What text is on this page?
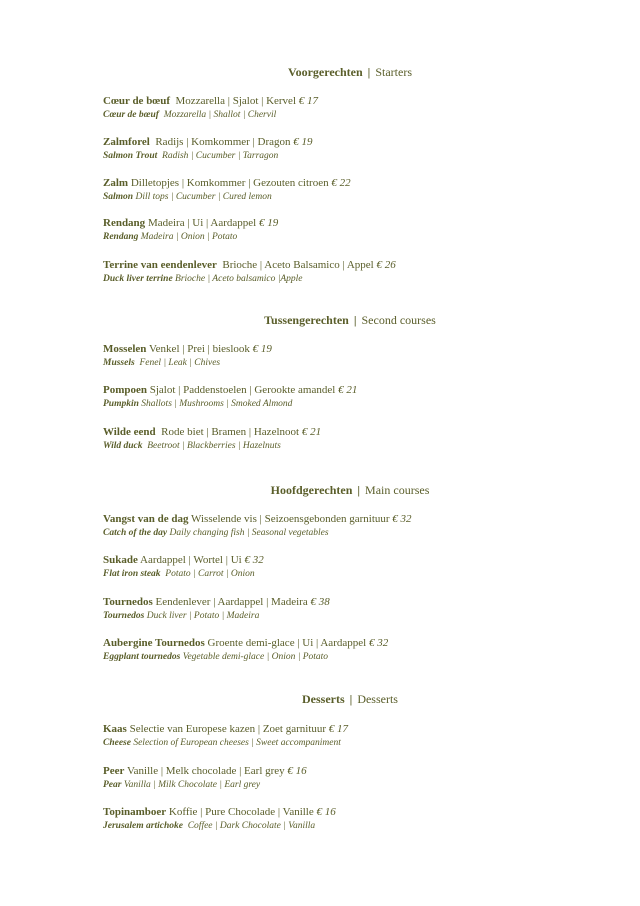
Voorgerechten | Starters
Cœur de bœuf Mozzarella | Sjalot | Kervel € 17
Cœur de bœuf Mozzarella | Shallot | Chervil
Zalmforel Radijs | Komkommer | Dragon € 19
Salmon Trout Radish | Cucumber | Tarragon
Zalm Dilletopjes | Komkommer | Gezouten citroen € 22
Salmon Dill tops | Cucumber | Cured lemon
Rendang Madeira | Ui | Aardappel € 19
Rendang Madeira | Onion | Potato
Terrine van eendenlever Brioche | Aceto Balsamico | Appel € 26
Duck liver terrine Brioche | Aceto balsamico |Apple
Tussengerechten | Second courses
Mosselen Venkel | Prei | bieslook € 19
Mussels Fenel | Leak | Chives
Pompoen Sjalot | Paddenstoelen | Gerookte amandel € 21
Pumpkin Shallots | Mushrooms | Smoked Almond
Wilde eend Rode biet | Bramen | Hazelnoot € 21
Wild duck Beetroot | Blackberries | Hazelnuts
Hoofdgerechten | Main courses
Vangst van de dag Wisselende vis | Seizoensgebonden garnituur € 32
Catch of the day Daily changing fish | Seasonal vegetables
Sukade Aardappel | Wortel | Ui € 32
Flat iron steak Potato | Carrot | Onion
Tournedos Eendenlever | Aardappel | Madeira € 38
Tournedos Duck liver | Potato | Madeira
Aubergine Tournedos Groente demi-glace | Ui | Aardappel € 32
Eggplant tournedos Vegetable demi-glace | Onion | Potato
Desserts | Desserts
Kaas Selectie van Europese kazen | Zoet garnituur € 17
Cheese Selection of European cheeses | Sweet accompaniment
Peer Vanille | Melk chocolade | Earl grey € 16
Pear Vanilla | Milk Chocolate | Earl grey
Topinamboer Koffie | Pure Chocolade | Vanille € 16
Jerusalem artichoke Coffee | Dark Chocolate | Vanilla
